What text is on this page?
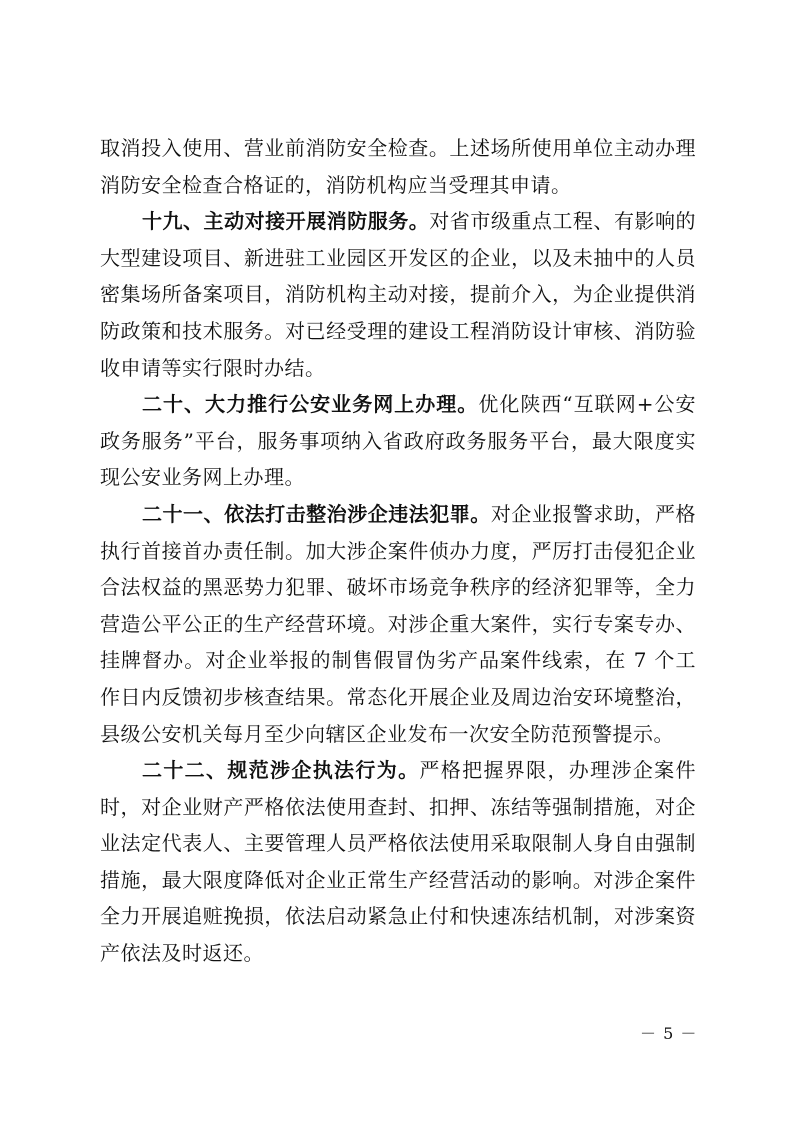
取消投入使用、营业前消防安全检查。上述场所使用单位主动办理消防安全检查合格证的，消防机构应当受理其申请。

十九、主动对接开展消防服务。对省市级重点工程、有影响的大型建设项目、新进驻工业园区开发区的企业，以及未抽中的人员密集场所备案项目，消防机构主动对接，提前介入，为企业提供消防政策和技术服务。对已经受理的建设工程消防设计审核、消防验收申请等实行限时办结。

二十、大力推行公安业务网上办理。优化陕西“互联网+公安政务服务”平台，服务事项纳入省政府政务服务平台，最大限度实现公安业务网上办理。

二十一、依法打击整治涉企违法犯罪。对企业报警求助，严格执行首接首办责任制。加大涉企案件侦办力度，严厉打击侵犯企业合法权益的黑恶势力犯罪、破坏市场竞争秩序的经济犯罪等，全力营造公平公正的生产经营环境。对涉企重大案件，实行专案专办、挂牌督办。对企业举报的制售假冒伪劣产品案件线索，在 7 个工作日内反馈初步核查结果。常态化开展企业及周边治安环境整治，县级公安机关每月至少向辖区企业发布一次安全防范预警提示。

二十二、规范涉企执法行为。严格把握界限，办理涉企案件时，对企业财产严格依法使用查封、扣押、冻结等强制措施，对企业法定代表人、主要管理人员严格依法使用采取限制人身自由强制措施，最大限度降低对企业正常生产经营活动的影响。对涉企案件全力开展追赃挽损，依法启动紧急止付和快速冻结机制，对涉案资产依法及时返还。

－ 5 －
